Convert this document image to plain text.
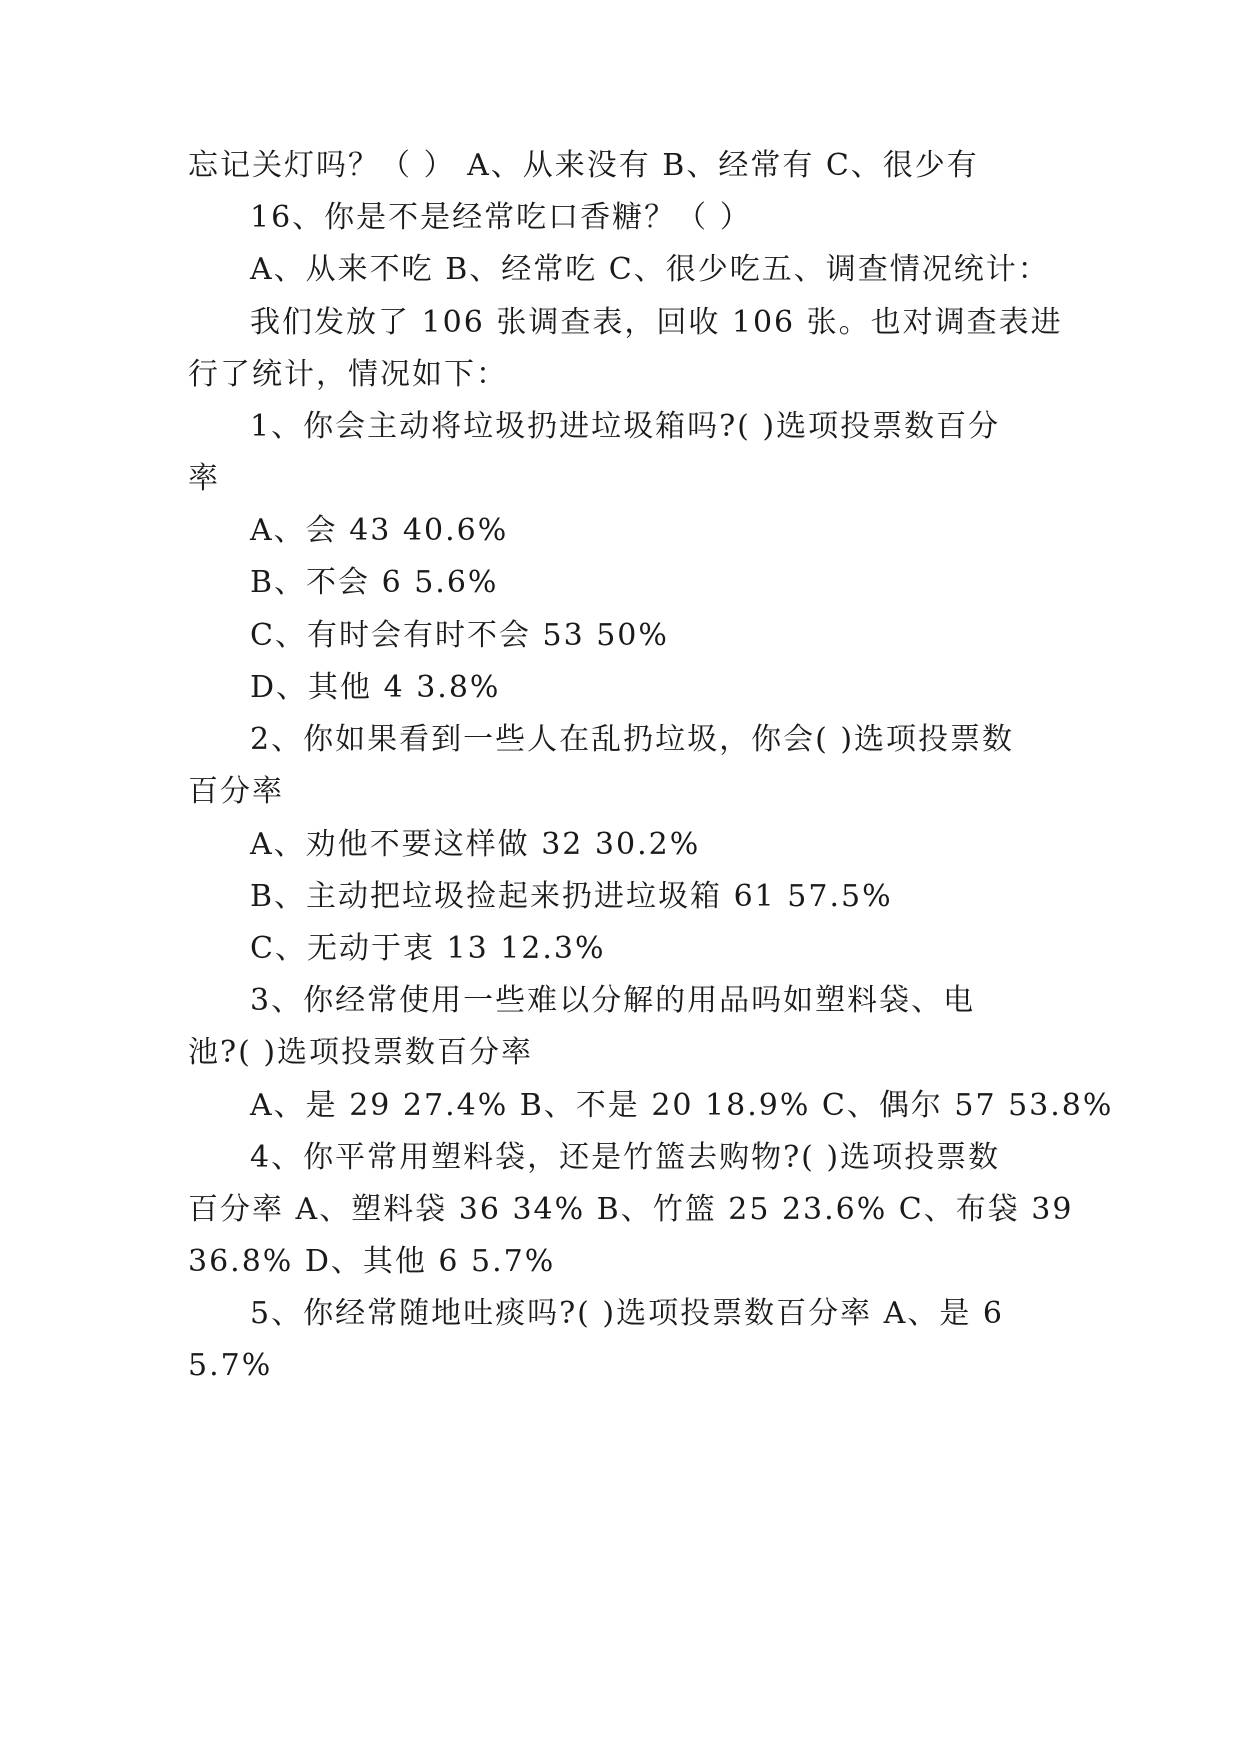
忘记关灯吗？（ ） A、从来没有 B、经常有 C、很少有
16、你是不是经常吃口香糖？（ ）
A、从来不吃 B、经常吃 C、很少吃五、调查情况统计：
我们发放了 106 张调查表，回收 106 张。也对调查表进
行了统计，情况如下：
1、你会主动将垃圾扔进垃圾箱吗?( )选项投票数百分
率
A、会 43 40.6%
B、不会 6 5.6%
C、有时会有时不会 53 50%
D、其他 4 3.8%
2、你如果看到一些人在乱扔垃圾，你会( )选项投票数
百分率
A、劝他不要这样做 32 30.2%
B、主动把垃圾捡起来扔进垃圾箱 61 57.5%
C、无动于衷 13 12.3%
3、你经常使用一些难以分解的用品吗如塑料袋、电
池?( )选项投票数百分率
A、是 29 27.4% B、不是 20 18.9% C、偶尔 57 53.8%
4、你平常用塑料袋，还是竹篮去购物?( )选项投票数
百分率 A、塑料袋 36 34% B、竹篮 25 23.6% C、布袋 39
36.8% D、其他 6 5.7%
5、你经常随地吐痰吗?( )选项投票数百分率 A、是 6
5.7%
